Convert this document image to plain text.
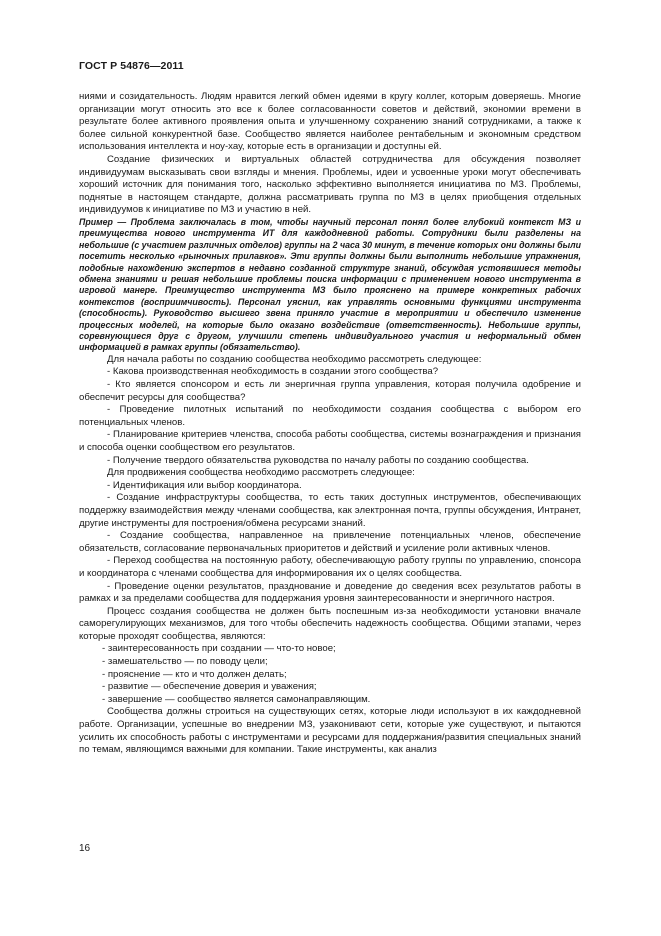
ГОСТ Р 54876—2011

ниями и созидательность. Людям нравится легкий обмен идеями в кругу коллег, которым доверяешь. Многие организации могут относить это все к более согласованности советов и действий, экономии времени в результате более активного проявления опыта и улучшенному сохранению знаний сотрудниками, а также к более сильной конкурентной базе. Сообщество является наиболее рентабельным и экономным средством использования интеллекта и ноу-хау, которые есть в организации и доступны ей.

Создание физических и виртуальных областей сотрудничества для обсуждения позволяет индивидуумам высказывать свои взгляды и мнения. Проблемы, идеи и усвоенные уроки могут обеспечивать хороший источник для понимания того, насколько эффективно выполняется инициатива по МЗ. Проблемы, поднятые в настоящем стандарте, должна рассматривать группа по МЗ в целях приобщения отдельных индивидуумов к инициативе по МЗ и участию в ней.

Пример — Проблема заключалась в том, чтобы научный персонал понял более глубокий контекст МЗ и преимущества нового инструмента ИТ для каждодневной работы. Сотрудники были разделены на небольшие (с участием различных отделов) группы на 2 часа 30 минут, в течение которых они должны были посетить несколько «рыночных прилавков». Эти группы должны были выполнить небольшие упражнения, подобные нахождению экспертов в недавно созданной структуре знаний, обсуждая устоявшиеся методы обмена знаниями и решая небольшие проблемы поиска информации с применением нового инструмента в игровой манере. Преимущество инструмента МЗ было прояснено на примере конкретных рабочих контекстов (восприимчивость). Персонал уяснил, как управлять основными функциями инструмента (способность). Руководство высшего звена приняло участие в мероприятии и обеспечило изменение процессных моделей, на которые было оказано воздействие (ответственность). Небольшие группы, соревнующиеся друг с другом, улучшили степень индивидуального участия и неформальный обмен информацией в рамках группы (обязательство).

Для начала работы по созданию сообщества необходимо рассмотреть следующее:

- Какова производственная необходимость в создании этого сообщества?

- Кто является спонсором и есть ли энергичная группа управления, которая получила одобрение и обеспечит ресурсы для сообщества?

- Проведение пилотных испытаний по необходимости создания сообщества с выбором его потенциальных членов.

- Планирование критериев членства, способа работы сообщества, системы вознаграждения и признания и способа оценки сообществом его результатов.

- Получение твердого обязательства руководства по началу работы по созданию сообщества.

Для продвижения сообщества необходимо рассмотреть следующее:

- Идентификация или выбор координатора.

- Создание инфраструктуры сообщества, то есть таких доступных инструментов, обеспечивающих поддержку взаимодействия между членами сообщества, как электронная почта, группы обсуждения, Интранет, другие инструменты для построения/обмена ресурсами знаний.

- Создание сообщества, направленное на привлечение потенциальных членов, обеспечение обязательств, согласование первоначальных приоритетов и действий и усиление роли активных членов.

- Переход сообщества на постоянную работу, обеспечивающую работу группы по управлению, спонсора и координатора с членами сообщества для информирования их о целях сообщества.

- Проведение оценки результатов, празднование и доведение до сведения всех результатов работы в рамках и за пределами сообщества для поддержания уровня заинтересованности и энергичного настроя.

Процесс создания сообщества не должен быть поспешным из-за необходимости установки вначале саморегулирующих механизмов, для того чтобы обеспечить надежность сообщества. Общими этапами, через которые проходят сообщества, являются:

- заинтересованность при создании — что-то новое;

- замешательство — по поводу цели;

- прояснение — кто и что должен делать;

- развитие — обеспечение доверия и уважения;

- завершение — сообщество является самонаправляющим.

Сообщества должны строиться на существующих сетях, которые люди используют в их каждодневной работе. Организации, успешные во внедрении МЗ, узаконивают сети, которые уже существуют, и пытаются усилить их способность работы с инструментами и ресурсами для поддержания/развития специальных знаний по темам, являющимся важными для компании. Такие инструменты, как анализ

16
